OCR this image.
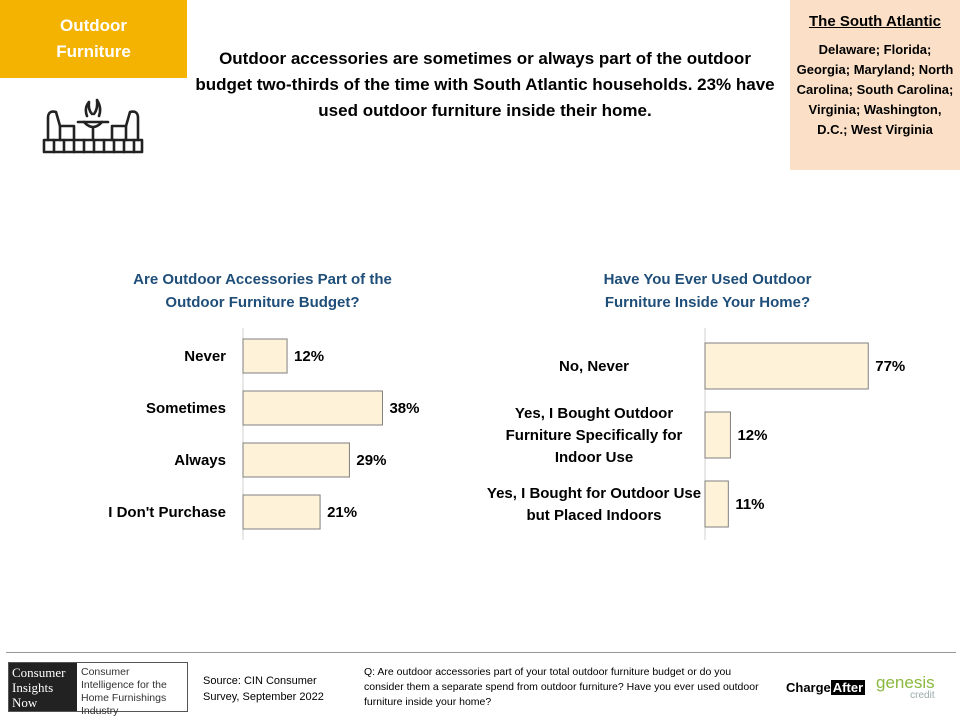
Outdoor
Furniture	Outdoor accessories are sometimes or always part of the outdoor budget two-thirds of the time with South Atlantic households. 23% have used outdoor furniture inside their home.
The South Atlantic
Delaware; Florida; Georgia; Maryland; North Carolina; South Carolina; Virginia; Washington, D.C.; West Virginia
Are Outdoor Accessories Part of the
Outdoor Furniture Budget?
Have You Ever Used Outdoor
Furniture Inside Your Home?
12%
Never
38%
Sometimes
29%
Always
21%
I Don't Purchase
77%
No, Never
12%
Yes, I Bought Outdoor
Furniture Specifically for
Indoor Use
11%
Yes, I Bought for Outdoor Use
but Placed Indoors
Consumer
Insights
Now
Consumer Intelligence for the Home Furnishings Industry
Source: CIN Consumer Survey, September 2022
Q: Are outdoor accessories part of your total outdoor furniture budget or do you consider them a separate spend from outdoor furniture? Have you ever used outdoor furniture inside your home?
Charge After genesis
credit
